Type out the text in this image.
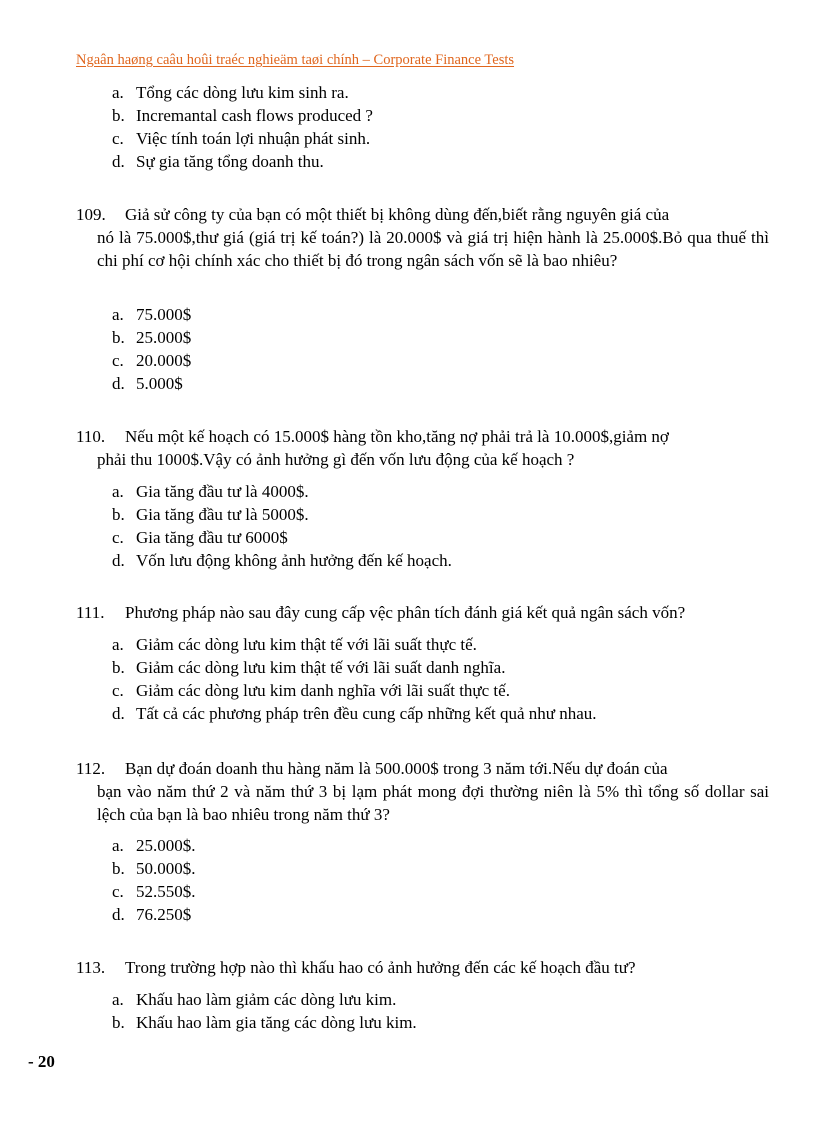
Ngaân haøng caâu hoûi traéc nghieäm taøi chính – Corporate Finance Tests
a. Tổng các dòng lưu kim sinh ra.
b. Incremantal cash flows produced ?
c. Việc tính toán lợi nhuận phát sinh.
d. Sự gia tăng tổng doanh thu.

109. Giả sử công ty của bạn có một thiết bị không dùng đến,biết rằng nguyên giá của

nó là 75.000$,thư giá (giá trị kế toán?) là 20.000$ và giá trị hiện hành là 25.000$.Bỏ qua thuế thì chi phí cơ hội chính xác cho thiết bị đó trong ngân sách vốn sẽ là bao nhiêu?

a. 75.000$
b. 25.000$
c. 20.000$
d. 5.000$

110. Nếu một kế hoạch có 15.000$ hàng tồn kho,tăng nợ phải trả là 10.000$,giảm nợ

phải thu 1000$.Vậy có ảnh hưởng gì đến vốn lưu động của kế hoạch ?

a. Gia tăng đầu tư là 4000$.
b. Gia tăng đầu tư là 5000$.
c. Gia tăng đầu tư 6000$
d. Vốn lưu động không ảnh hưởng đến kế hoạch.

111. Phương pháp nào sau đây cung cấp vệc phân tích đánh giá kết quả ngân sách vốn?

a. Giảm các dòng lưu kim thật tế với lãi suất thực tế.
b. Giảm các dòng lưu kim thật tế với lãi suất danh nghĩa.
c. Giảm các dòng lưu kim danh nghĩa với lãi suất thực tế.
d. Tất cả các phương pháp trên đều cung cấp những kết quả như nhau.

112. Bạn dự đoán doanh thu hàng năm là 500.000$ trong 3 năm tới.Nếu dự đoán của

bạn vào năm thứ 2 và năm thứ 3 bị lạm phát mong đợi thường niên là 5% thì tổng số dollar sai lệch của bạn là bao nhiêu trong năm thứ 3?

a. 25.000$.
b. 50.000$.
c. 52.550$.
d. 76.250$

113. Trong trường hợp nào thì khấu hao có ảnh hưởng đến các kế hoạch đầu tư?

a. Khấu hao làm giảm các dòng lưu kim.
b. Khấu hao làm gia tăng các dòng lưu kim.
- 20
